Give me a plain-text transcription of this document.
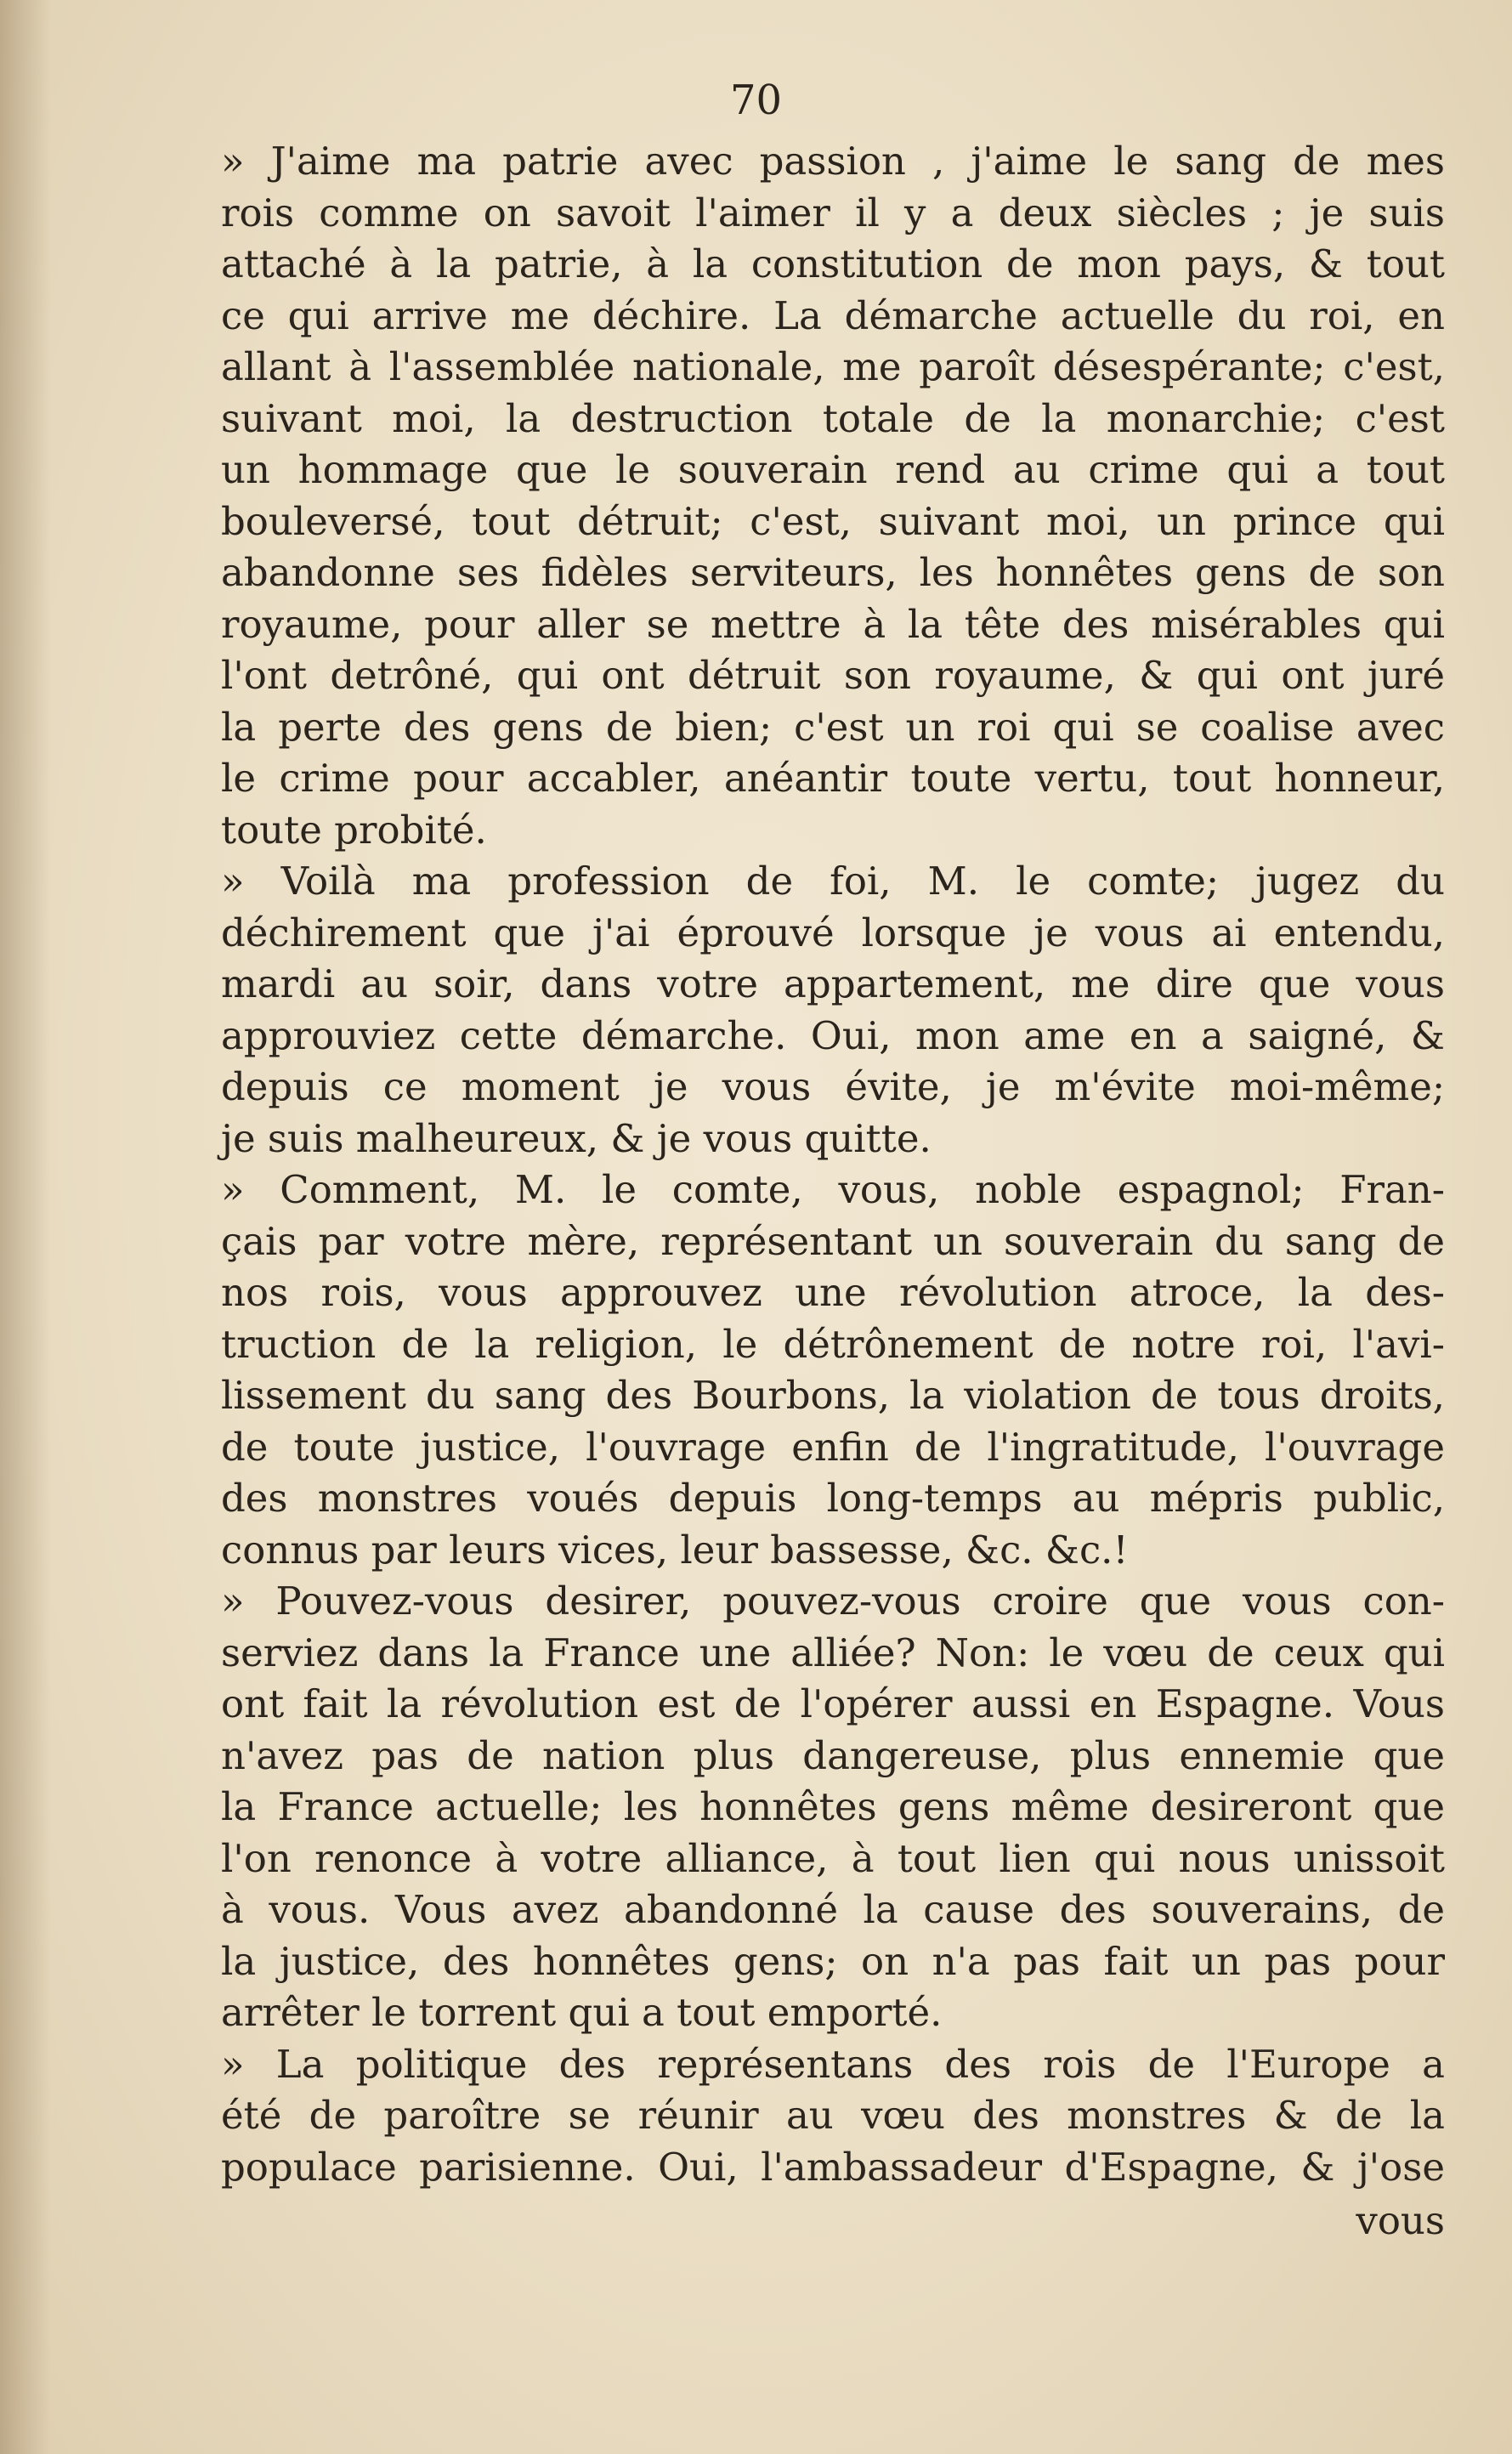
70

» J'aime ma patrie avec passion , j'aime le sang de mes
rois comme on savoit l'aimer il y a deux siècles ; je suis
attaché à la patrie, à la constitution de mon pays, & tout
ce qui arrive me déchire. La démarche actuelle du roi, en
allant à l'assemblée nationale, me paroît désespérante; c'est,
suivant moi, la destruction totale de la monarchie; c'est
un hommage que le souverain rend au crime qui a tout
bouleversé, tout détruit; c'est, suivant moi, un prince qui
abandonne ses fidèles serviteurs, les honnêtes gens de son
royaume, pour aller se mettre à la tête des misérables qui
l'ont detrôné, qui ont détruit son royaume, & qui ont juré
la perte des gens de bien; c'est un roi qui se coalise avec
le crime pour accabler, anéantir toute vertu, tout honneur,
toute probité.

» Voilà ma profession de foi, M. le comte; jugez du
déchirement que j'ai éprouvé lorsque je vous ai entendu,
mardi au soir, dans votre appartement, me dire que vous
approuviez cette démarche. Oui, mon ame en a saigné, &
depuis ce moment je vous évite, je m'évite moi-même;
je suis malheureux, & je vous quitte.

» Comment, M. le comte, vous, noble espagnol; Fran-
çais par votre mère, représentant un souverain du sang de
nos rois, vous approuvez une révolution atroce, la des-
truction de la religion, le détrônement de notre roi, l'avi-
lissement du sang des Bourbons, la violation de tous droits,
de toute justice, l'ouvrage enfin de l'ingratitude, l'ouvrage
des monstres voués depuis long-temps au mépris public,
connus par leurs vices, leur bassesse, &c. &c.!

» Pouvez-vous desirer, pouvez-vous croire que vous con-
serviez dans la France une alliée? Non: le vœu de ceux qui
ont fait la révolution est de l'opérer aussi en Espagne. Vous
n'avez pas de nation plus dangereuse, plus ennemie que
la France actuelle; les honnêtes gens même desireront que
l'on renonce à votre alliance, à tout lien qui nous unissoit
à vous. Vous avez abandonné la cause des souverains, de
la justice, des honnêtes gens; on n'a pas fait un pas pour
arrêter le torrent qui a tout emporté.

» La politique des représentans des rois de l'Europe a
été de paroître se réunir au vœu des monstres & de la
populace parisienne. Oui, l'ambassadeur d'Espagne, & j'ose

vous
